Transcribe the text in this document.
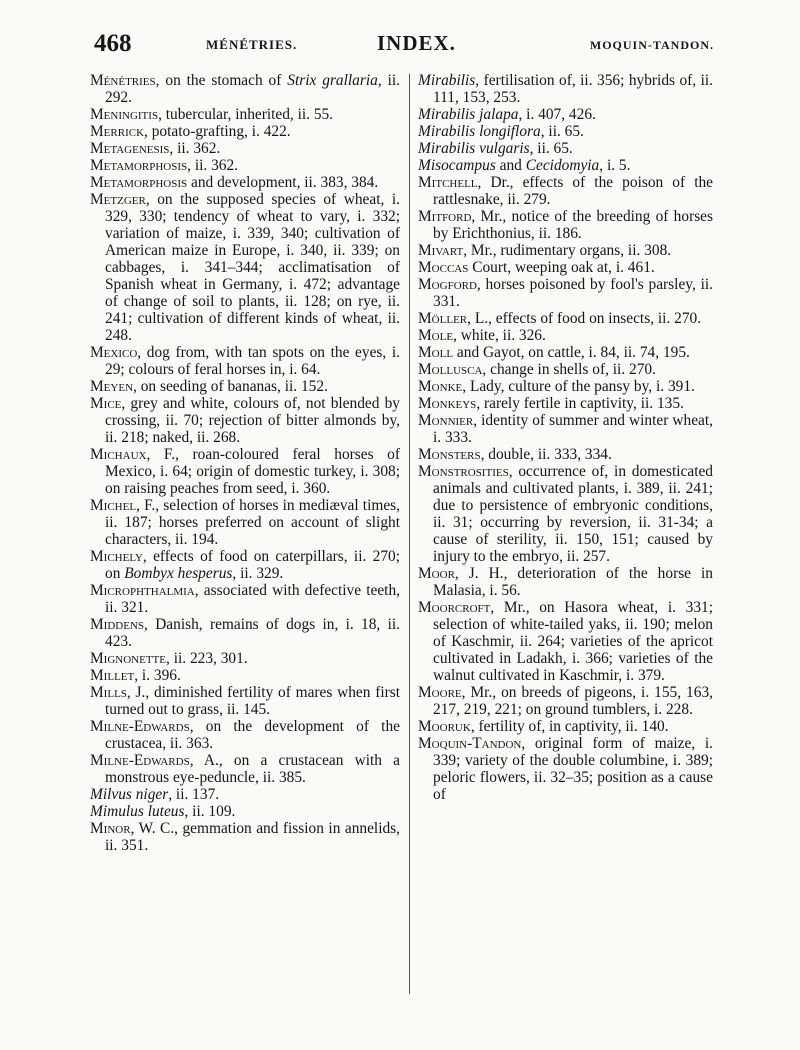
468	MÉNÉTRIES.	INDEX.	MOQUIN-TANDON.

Ménétries, on the stomach of Strix grallaria, ii. 292.

Meningitis, tubercular, inherited, ii. 55.

Merrick, potato-grafting, i. 422.

Metagenesis, ii. 362.

Metamorphosis, ii. 362.

Metamorphosis and development, ii. 383, 384.

Metzger, on the supposed species of wheat, i. 329, 330; tendency of wheat to vary, i. 332; variation of maize, i. 339, 340; cultivation of American maize in Europe, i. 340, ii. 339; on cabbages, i. 341–344; acclimatisation of Spanish wheat in Germany, i. 472; advantage of change of soil to plants, ii. 128; on rye, ii. 241; cultivation of different kinds of wheat, ii. 248.

Mexico, dog from, with tan spots on the eyes, i. 29; colours of feral horses in, i. 64.

Meyen, on seeding of bananas, ii. 152.

Mice, grey and white, colours of, not blended by crossing, ii. 70; rejection of bitter almonds by, ii. 218; naked, ii. 268.

Michaux, F., roan-coloured feral horses of Mexico, i. 64; origin of domestic turkey, i. 308; on raising peaches from seed, i. 360.

Michel, F., selection of horses in mediæval times, ii. 187; horses preferred on account of slight characters, ii. 194.

Michely, effects of food on caterpillars, ii. 270; on Bombyx hesperus, ii. 329.

Microphthalmia, associated with defective teeth, ii. 321.

Middens, Danish, remains of dogs in, i. 18, ii. 423.

Mignonette, ii. 223, 301.

Millet, i. 396.

Mills, J., diminished fertility of mares when first turned out to grass, ii. 145.

Milne-Edwards, on the development of the crustacea, ii. 363.

Milne-Edwards, A., on a crustacean with a monstrous eye-peduncle, ii. 385.

Milvus niger, ii. 137.

Mimulus luteus, ii. 109.

Minor, W. C., gemmation and fission in annelids, ii. 351.

Mirabilis, fertilisation of, ii. 356; hybrids of, ii. 111, 153, 253.

Mirabilis jalapa, i. 407, 426.

Mirabilis longiflora, ii. 65.

Mirabilis vulgaris, ii. 65.

Misocampus and Cecidomyia, i. 5.

Mitchell, Dr., effects of the poison of the rattlesnake, ii. 279.

Mitford, Mr., notice of the breeding of horses by Erichthonius, ii. 186.

Mivart, Mr., rudimentary organs, ii. 308.

Moccas Court, weeping oak at, i. 461.

Mogford, horses poisoned by fool's parsley, ii. 331.

Möller, L., effects of food on insects, ii. 270.

Mole, white, ii. 326.

Moll and Gayot, on cattle, i. 84, ii. 74, 195.

Mollusca, change in shells of, ii. 270.

Monke, Lady, culture of the pansy by, i. 391.

Monkeys, rarely fertile in captivity, ii. 135.

Monnier, identity of summer and winter wheat, i. 333.

Monsters, double, ii. 333, 334.

Monstrosities, occurrence of, in domesticated animals and cultivated plants, i. 389, ii. 241; due to persistence of embryonic conditions, ii. 31; occurring by reversion, ii. 31-34; a cause of sterility, ii. 150, 151; caused by injury to the embryo, ii. 257.

Moor, J. H., deterioration of the horse in Malasia, i. 56.

Moorcroft, Mr., on Hasora wheat, i. 331; selection of white-tailed yaks, ii. 190; melon of Kaschmir, ii. 264; varieties of the apricot cultivated in Ladakh, i. 366; varieties of the walnut cultivated in Kaschmir, i. 379.

Moore, Mr., on breeds of pigeons, i. 155, 163, 217, 219, 221; on ground tumblers, i. 228.

Mooruk, fertility of, in captivity, ii. 140.

Moquin-Tandon, original form of maize, i. 339; variety of the double columbine, i. 389; peloric flowers, ii. 32–35; position as a cause of
